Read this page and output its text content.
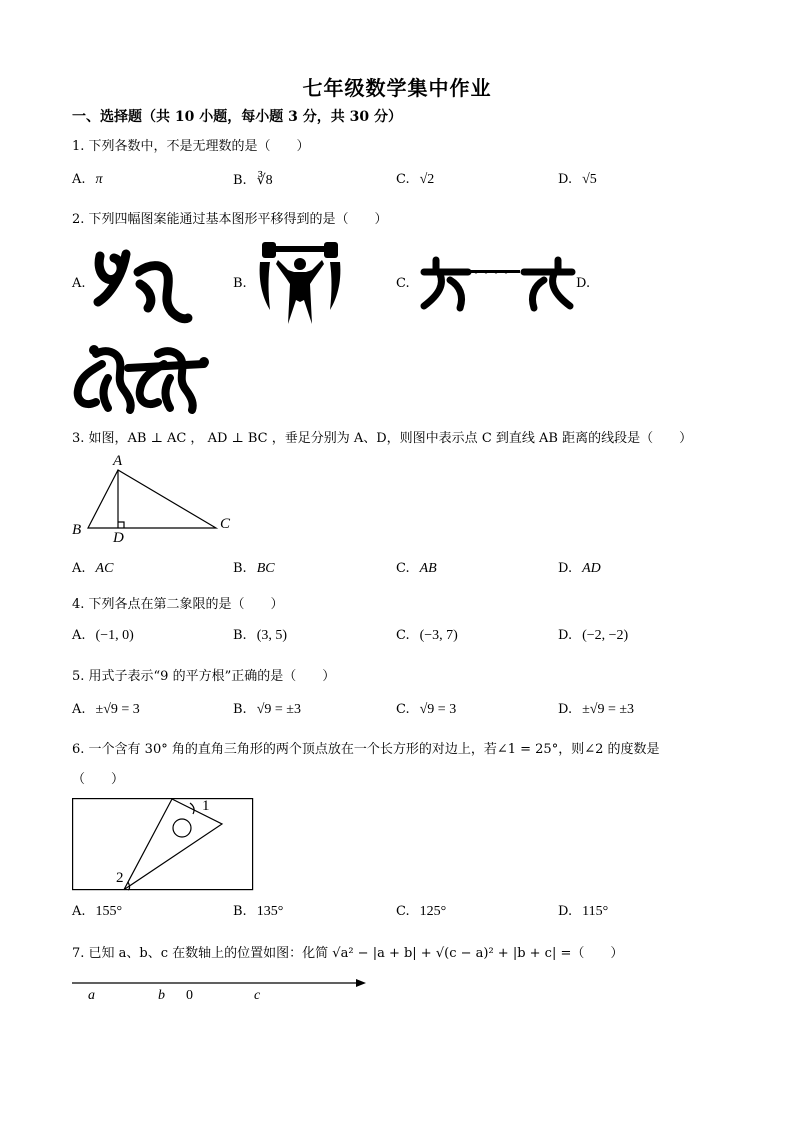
七年级数学集中作业
一、选择题（共 10 小题，每小题 3 分，共 30 分）
1. 下列各数中，不是无理数的是（　　）
A. π	B. ∛8	C. √2	D. √5
2. 下列四幅图案能通过基本图形平移得到的是（　　）
A.	B.	C.	D.
3. 如图，AB ⊥ AC ， AD ⊥ BC ，垂足分别为 A、D，则图中表示点 C 到直线 AB 距离的线段是（　　）
A
B	C
D
A. AC	B. BC	C. AB	D. AD
4. 下列各点在第二象限的是（　　）
A. (−1, 0)	B. (3, 5)	C. (−3, 7)	D. (−2, −2)
5. 用式子表示“9 的平方根”正确的是（　　）
A. ±√9 = 3	B. √9 = ±3	C. √9 = 3	D. ±√9 = ±3
6. 一个含有 30° 角的直角三角形的两个顶点放在一个长方形的对边上，若∠1 = 25°，则∠2 的度数是
（　　）
1
2
A. 155°	B. 135°	C. 125°	D. 115°
7. 已知 a、b、c 在数轴上的位置如图：化简 √a² − |a + b| + √(c − a)² + |b + c| =（　　）
a	b 0	c
